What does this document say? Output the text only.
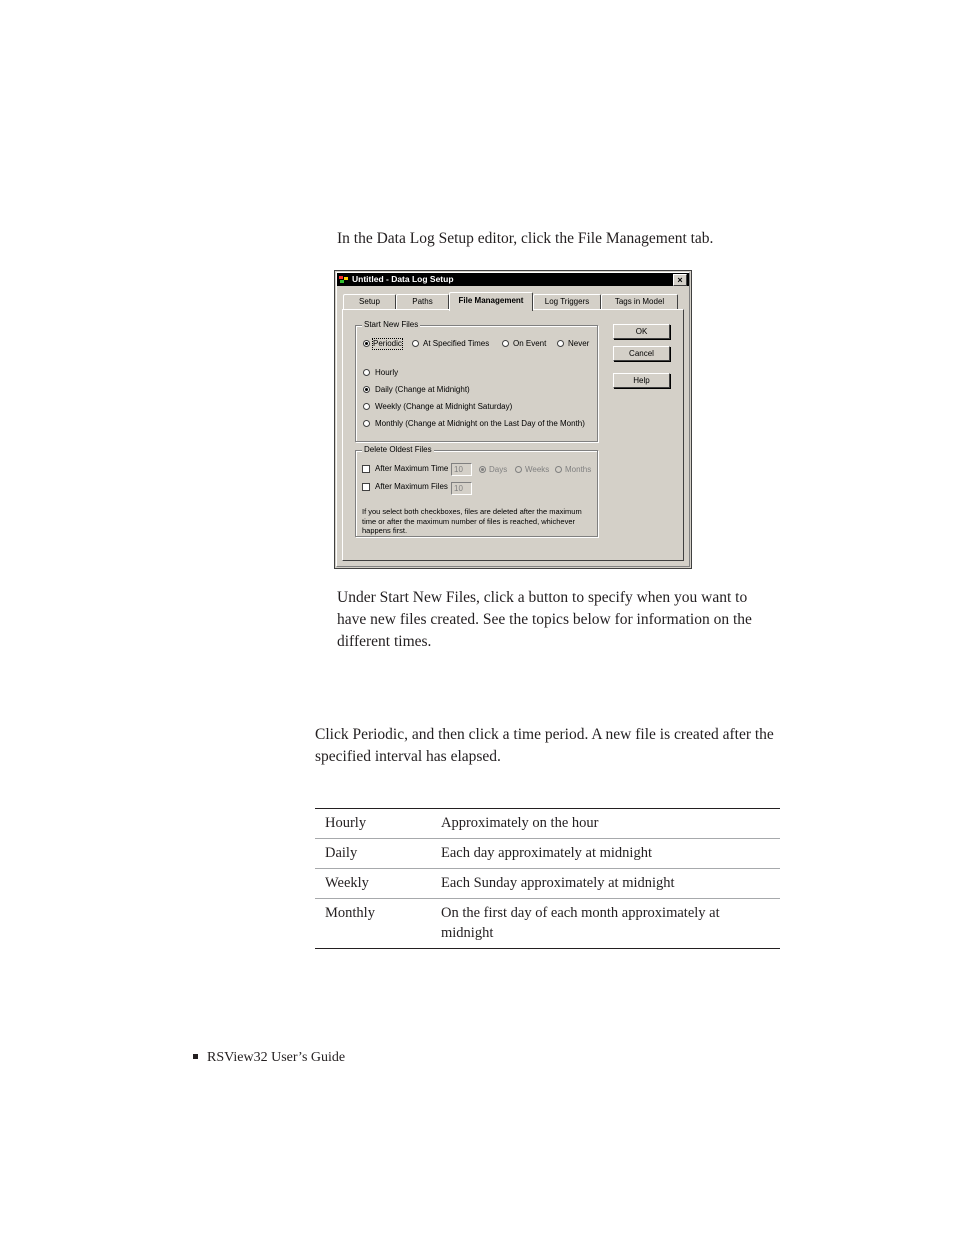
In the Data Log Setup editor, click the File Management tab.
Untitled - Data Log Setup	×
Setup	Paths	File Management	Log Triggers	Tags in Model
Start New Files
Periodic	At Specified Times	On Event	Never
Hourly
Daily (Change at Midnight)
Weekly (Change at Midnight Saturday)
Monthly (Change at Midnight on the Last Day of the Month)
Delete Oldest Files
After Maximum Time 10	Days Weeks Months
After Maximum Files 10
If you select both checkboxes, files are deleted after the maximum time or after the maximum number of files is reached, whichever happens first.
OK
Cancel
Help
Under Start New Files, click a button to specify when you want to have new files created. See the topics below for information on the different times.
Click Periodic, and then click a time period. A new file is created after the specified interval has elapsed.
Hourly	Approximately on the hour
Daily	Each day approximately at midnight
Weekly	Each Sunday approximately at midnight
Monthly	On the first day of each month approximately at midnight
RSView32 User’s Guide
